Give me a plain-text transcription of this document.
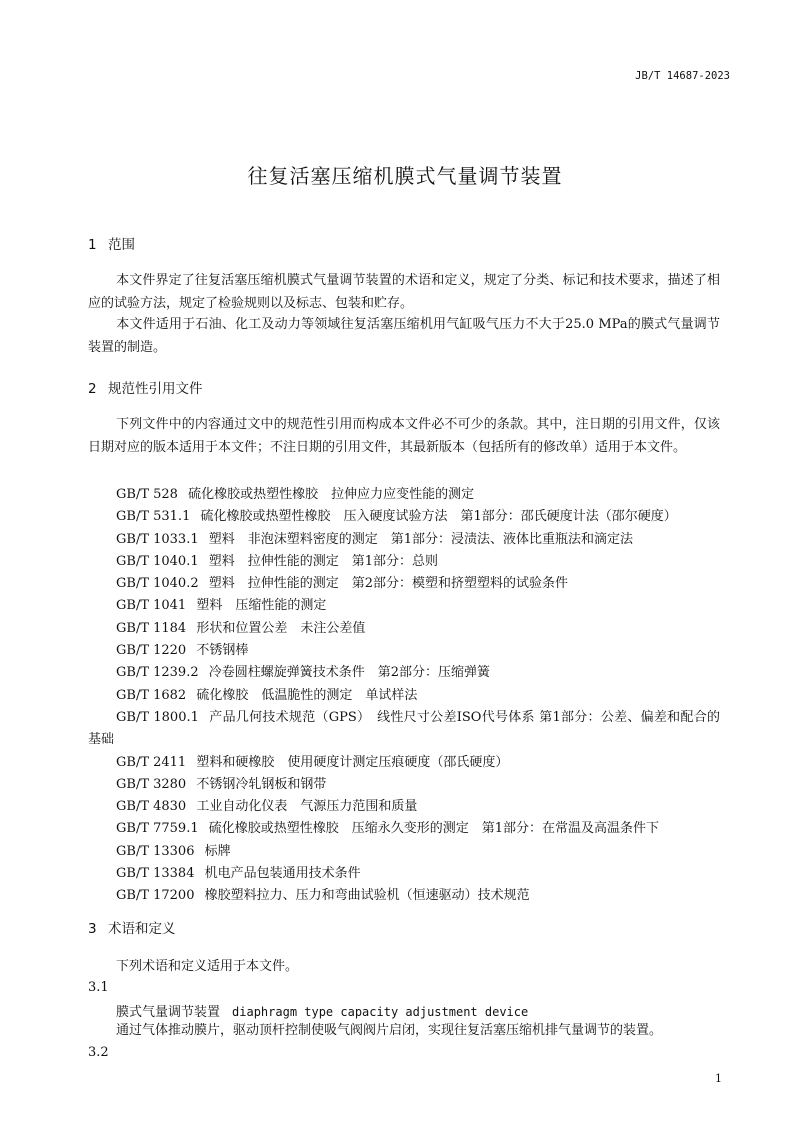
JB/T 14687-2023
往复活塞压缩机膜式气量调节装置
1 范围
本文件界定了往复活塞压缩机膜式气量调节装置的术语和定义，规定了分类、标记和技术要求，描述了相应的试验方法，规定了检验规则以及标志、包装和贮存。
本文件适用于石油、化工及动力等领域往复活塞压缩机用气缸吸气压力不大于25.0 MPa的膜式气量调节装置的制造。
2 规范性引用文件
下列文件中的内容通过文中的规范性引用而构成本文件必不可少的条款。其中，注日期的引用文件，仅该日期对应的版本适用于本文件；不注日期的引用文件，其最新版本（包括所有的修改单）适用于本文件。
GB/T 528 硫化橡胶或热塑性橡胶　拉伸应力应变性能的测定
GB/T 531.1 硫化橡胶或热塑性橡胶　压入硬度试验方法　第1部分：邵氏硬度计法（邵尔硬度）
GB/T 1033.1 塑料　非泡沫塑料密度的测定　第1部分：浸渍法、液体比重瓶法和滴定法
GB/T 1040.1 塑料　拉伸性能的测定　第1部分：总则
GB/T 1040.2 塑料　拉伸性能的测定　第2部分：模塑和挤塑塑料的试验条件
GB/T 1041 塑料　压缩性能的测定
GB/T 1184 形状和位置公差　未注公差值
GB/T 1220 不锈钢棒
GB/T 1239.2 冷卷圆柱螺旋弹簧技术条件　第2部分：压缩弹簧
GB/T 1682 硫化橡胶　低温脆性的测定　单试样法
GB/T 1800.1 产品几何技术规范（GPS）　线性尺寸公差ISO代号体系 第1部分：公差、偏差和配合的基础
GB/T 2411 塑料和硬橡胶　使用硬度计测定压痕硬度（邵氏硬度）
GB/T 3280 不锈钢冷轧钢板和钢带
GB/T 4830 工业自动化仪表　气源压力范围和质量
GB/T 7759.1 硫化橡胶或热塑性橡胶　压缩永久变形的测定　第1部分：在常温及高温条件下
GB/T 13306 标牌
GB/T 13384 机电产品包装通用技术条件
GB/T 17200 橡胶塑料拉力、压力和弯曲试验机（恒速驱动）技术规范
3 术语和定义
下列术语和定义适用于本文件。
3.1
膜式气量调节装置 diaphragm type capacity adjustment device
通过气体推动膜片，驱动顶杆控制使吸气阀阀片启闭，实现往复活塞压缩机排气量调节的装置。
3.2
1
